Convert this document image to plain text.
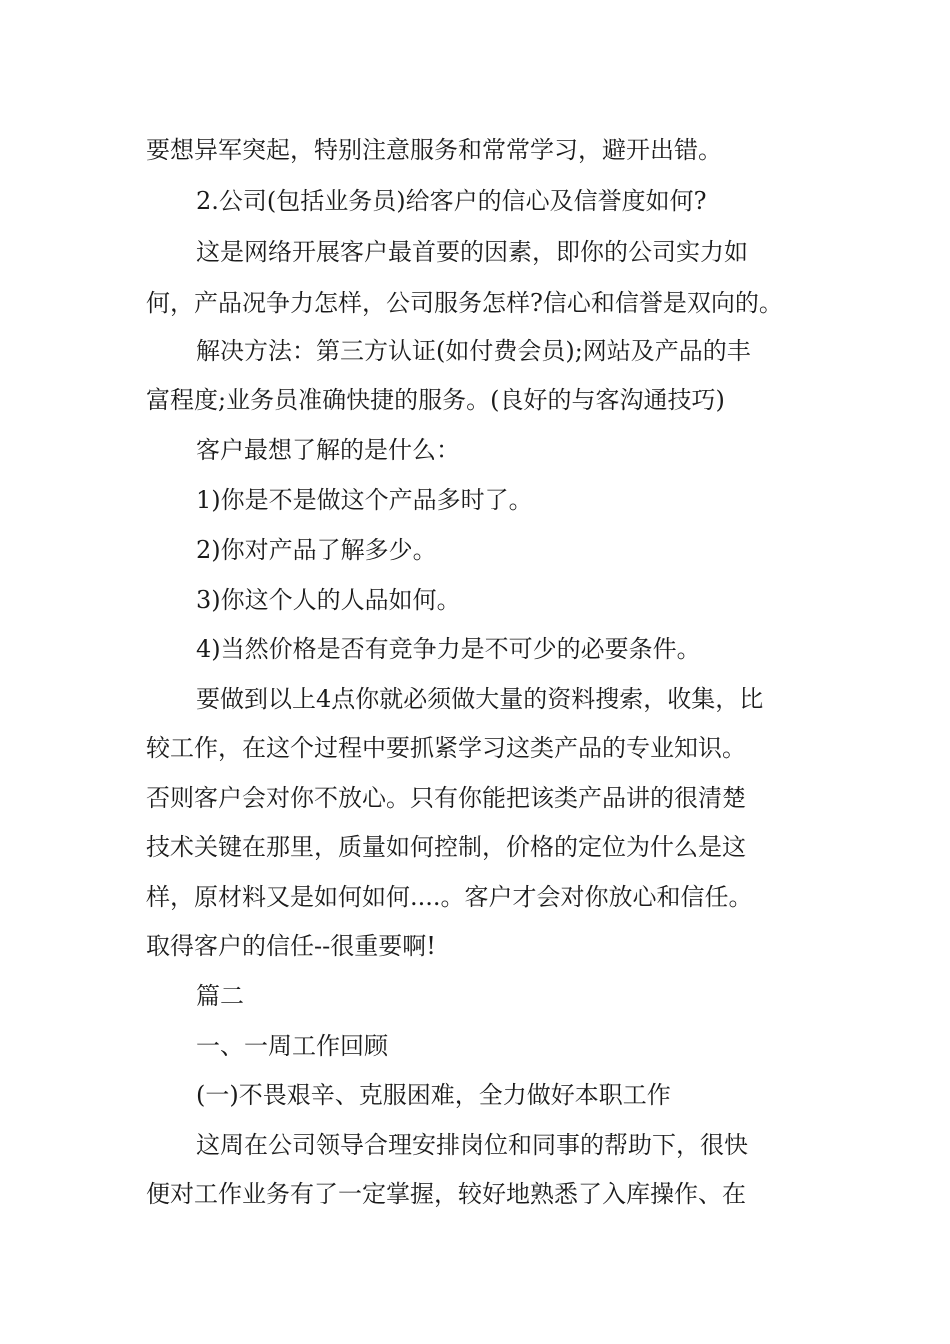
要想异军突起，特别注意服务和常常学习，避开出错。
2.公司(包括业务员)给客户的信心及信誉度如何?
这是网络开展客户最首要的因素，即你的公司实力如
何，产品况争力怎样，公司服务怎样?信心和信誉是双向的。
解决方法：第三方认证(如付费会员);网站及产品的丰
富程度;业务员准确快捷的服务。(良好的与客沟通技巧)
客户最想了解的是什么：
1)你是不是做这个产品多时了。
2)你对产品了解多少。
3)你这个人的人品如何。
4)当然价格是否有竞争力是不可少的必要条件。
要做到以上4点你就必须做大量的资料搜索，收集，比
较工作，在这个过程中要抓紧学习这类产品的专业知识。
否则客户会对你不放心。只有你能把该类产品讲的很清楚
技术关键在那里，质量如何控制，价格的定位为什么是这
样，原材料又是如何如何....。客户才会对你放心和信任。
取得客户的信任--很重要啊!
篇二
一、一周工作回顾
(一)不畏艰辛、克服困难，全力做好本职工作
这周在公司领导合理安排岗位和同事的帮助下，很快
便对工作业务有了一定掌握，较好地熟悉了入库操作、在
